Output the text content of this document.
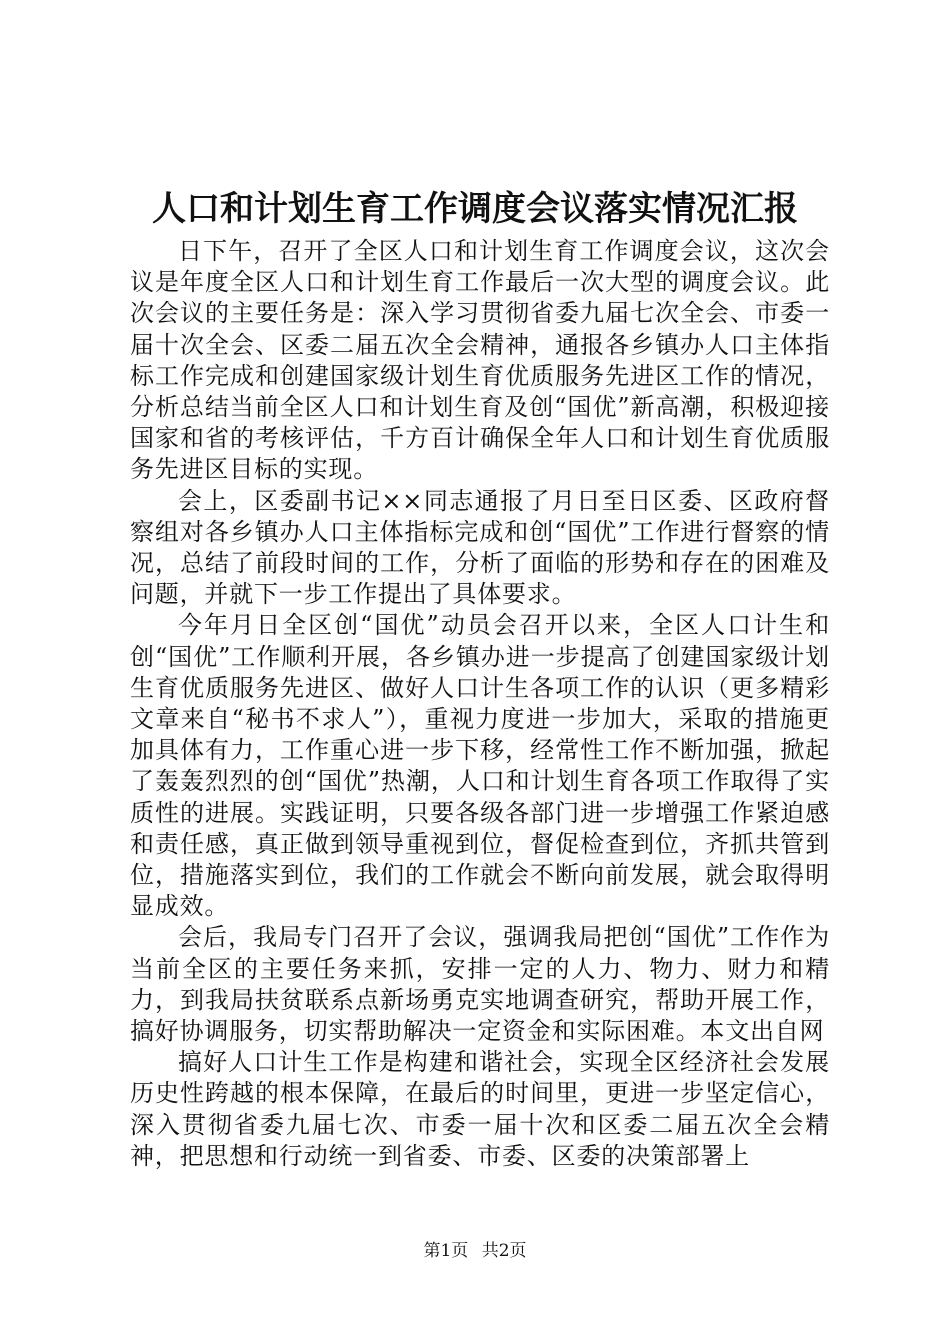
人口和计划生育工作调度会议落实情况汇报

日下午，召开了全区人口和计划生育工作调度会议，这次会议是年度全区人口和计划生育工作最后一次大型的调度会议。此次会议的主要任务是：深入学习贯彻省委九届七次全会、市委一届十次全会、区委二届五次全会精神，通报各乡镇办人口主体指标工作完成和创建国家级计划生育优质服务先进区工作的情况，分析总结当前全区人口和计划生育及创“国优”新高潮，积极迎接国家和省的考核评估，千方百计确保全年人口和计划生育优质服务先进区目标的实现。

会上，区委副书记××同志通报了月日至日区委、区政府督察组对各乡镇办人口主体指标完成和创“国优”工作进行督察的情况，总结了前段时间的工作，分析了面临的形势和存在的困难及问题，并就下一步工作提出了具体要求。

今年月日全区创“国优”动员会召开以来，全区人口计生和创“国优”工作顺利开展，各乡镇办进一步提高了创建国家级计划生育优质服务先进区、做好人口计生各项工作的认识（更多精彩文章来自“秘书不求人”），重视力度进一步加大，采取的措施更加具体有力，工作重心进一步下移，经常性工作不断加强，掀起了轰轰烈烈的创“国优”热潮，人口和计划生育各项工作取得了实质性的进展。实践证明，只要各级各部门进一步增强工作紧迫感和责任感，真正做到领导重视到位，督促检查到位，齐抓共管到位，措施落实到位，我们的工作就会不断向前发展，就会取得明显成效。

会后，我局专门召开了会议，强调我局把创“国优”工作作为当前全区的主要任务来抓，安排一定的人力、物力、财力和精力，到我局扶贫联系点新场勇克实地调查研究，帮助开展工作，搞好协调服务，切实帮助解决一定资金和实际困难。本文出自网

搞好人口计生工作是构建和谐社会，实现全区经济社会发展历史性跨越的根本保障，在最后的时间里，更进一步坚定信心，深入贯彻省委九届七次、市委一届十次和区委二届五次全会精神，把思想和行动统一到省委、市委、区委的决策部署上

第1页 共2页
